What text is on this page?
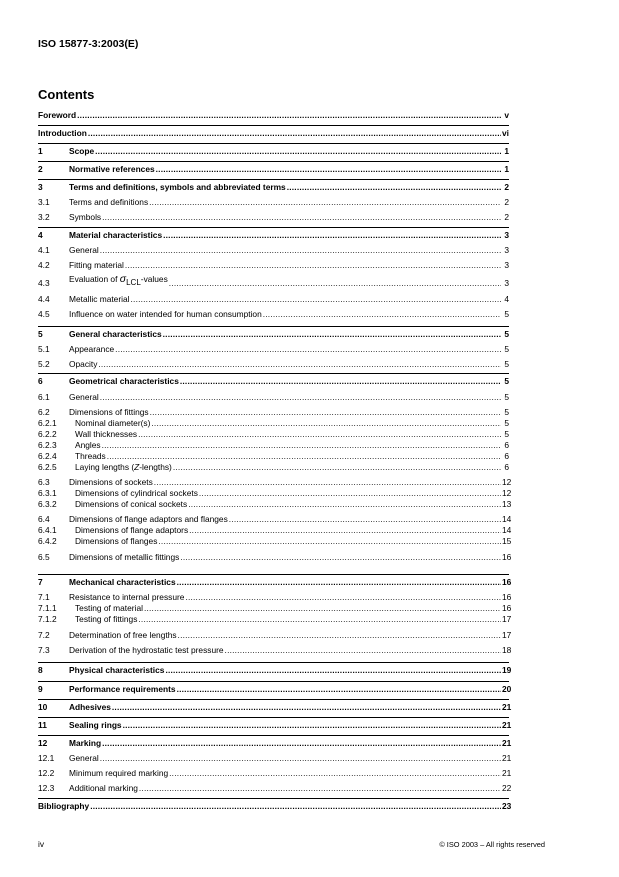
ISO 15877-3:2003(E)
Contents
Foreword .....	v
Introduction .....	vi
1	Scope .....	1
2	Normative references .....	1
3	Terms and definitions, symbols and abbreviated terms .....	2
3.1	Terms and definitions .....	2
3.2	Symbols .....	2
4	Material characteristics .....	3
4.1	General .....	3
4.2	Fitting material .....	3
4.3	Evaluation of $\sigma_{LCL}$-values .....	3
4.4	Metallic material .....	4
4.5	Influence on water intended for human consumption .....	5
5	General characteristics .....	5
5.1	Appearance .....	5
5.2	Opacity .....	5
6	Geometrical characteristics .....	5
6.1	General .....	5
6.2	Dimensions of fittings .....	5
6.2.1	Nominal diameter(s) .....	5
6.2.2	Wall thicknesses .....	5
6.2.3	Angles .....	6
6.2.4	Threads .....	6
6.2.5	Laying lengths (Z-lengths) .....	6
6.3	Dimensions of sockets .....	12
6.3.1	Dimensions of cylindrical sockets .....	12
6.3.2	Dimensions of conical sockets .....	13
6.4	Dimensions of flange adaptors and flanges .....	14
6.4.1	Dimensions of flange adaptors .....	14
6.4.2	Dimensions of flanges .....	15
6.5	Dimensions of metallic fittings .....	16
7	Mechanical characteristics .....	16
7.1	Resistance to internal pressure .....	16
7.1.1	Testing of material .....	16
7.1.2	Testing of fittings .....	17
7.2	Determination of free lengths .....	17
7.3	Derivation of the hydrostatic test pressure .....	18
8	Physical characteristics .....	19
9	Performance requirements .....	20
10	Adhesives .....	21
11	Sealing rings .....	21
12	Marking .....	21
12.1	General .....	21
12.2	Minimum required marking .....	21
12.3	Additional marking .....	22
Bibliography .....	23
iv	© ISO 2003 – All rights reserved
